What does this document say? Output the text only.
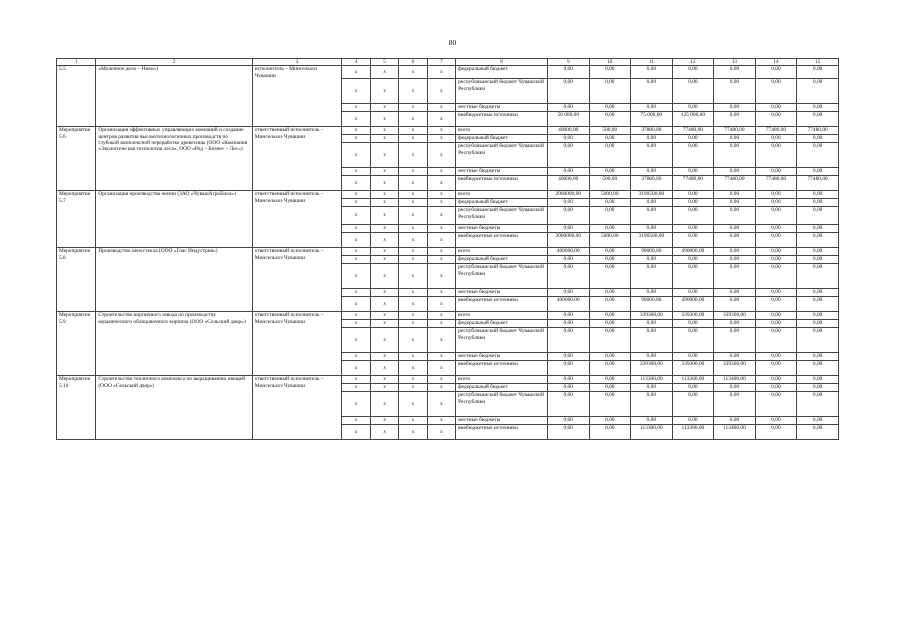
80
1	2	3	4	5	6	7	8	9	10	11	12	13	14	15
5.5	«Молочное дело – Нико»)	исполнитель – Минсельхоз Чувашии	x	x	x	x	федеральный бюджет	0,00	0,00	0,00	0,00	0,00	0,00	0,00
			x	x	x	x	республиканский бюджет Чувашской Республики	0,00	0,00	0,00	0,00	0,00	0,00	0,00
			x	x	x	x	местные бюджеты	0,00	0,00	0,00	0,00	0,00	0,00	0,00
			x	x	x	x	внебюджетные источники	50 000,00	0,00	75 000,00	125 000,00	0,00	0,00	0,00
Мероприятие 5.6	Организация эффективных управляющих компаний и создание центров развития высокотехнологичных производств по глубокой комплексной переработке древесины (ООО «Компания «Экологическая технология леса», ООО «Род – Бизнес – Лес»)	ответственный исполнитель – Минсельхоз Чувашии	x	x	x	x	всего	40000,00	500,00	37880,00	77480,00	77480,00	77480,00	77480,00
			x	x	x	x	федеральный бюджет	0,00	0,00	0,00	0,00	0,00	0,00	0,00
			x	x	x	x	республиканский бюджет Чувашской Республики	0,00	0,00	0,00	0,00	0,00	0,00	0,00
			x	x	x	x	местные бюджеты	0,00	0,00	0,00	0,00	0,00	0,00	0,00
			x	x	x	x	внебюджетные источники	40000,00	500,00	37880,00	77480,00	77480,00	77480,00	77480,00
Мероприятие 5.7	Организация производства жизни (ЗАО «ЧувашАгроБиол»)	ответственный исполнитель – Минсельхоз Чувашии	x	x	x	x	всего	2000000,00	5000,00	3190500,00	0,00	0,00	0,00	0,00
			x	x	x	x	федеральный бюджет	0,00	0,00	0,00	0,00	0,00	0,00	0,00
			x	x	x	x	республиканский бюджет Чувашской Республики	0,00	0,00	0,00	0,00	0,00	0,00	0,00
			x	x	x	x	местные бюджеты	0,00	0,00	0,00	0,00	0,00	0,00	0,00
			x	x	x	x	внебюджетные источники	2000000,00	5000,00	3190500,00	0,00	0,00	0,00	0,00
Мероприятие 5.8	Производство пеностекла (ООО «Глас Индустрия»)	ответственный исполнитель – Минсельхоз Чувашии	x	x	x	x	всего	400000,00	0,00	90000,00	490000,00	0,00	0,00	0,00
			x	x	x	x	федеральный бюджет	0,00	0,00	0,00	0,00	0,00	0,00	0,00
			x	x	x	x	республиканский бюджет Чувашской Республики	0,00	0,00	0,00	0,00	0,00	0,00	0,00
			x	x	x	x	местные бюджеты	0,00	0,00	0,00	0,00	0,00	0,00	0,00
			x	x	x	x	внебюджетные источники	400000,00	0,00	90000,00	490000,00	0,00	0,00	0,00
Мероприятие 5.9	Строительство кирпичного завода по производству керамического облицовочного кирпича (ООО «Сельский двор»)	ответственный исполнитель – Минсельхоз Чувашии	x	x	x	x	всего	0,00	0,00	339300,00	339300,00	339300,00	0,00	0,00
			x	x	x	x	федеральный бюджет	0,00	0,00	0,00	0,00	0,00	0,00	0,00
			x	x	x	x	республиканский бюджет Чувашской Республики	0,00	0,00	0,00	0,00	0,00	0,00	0,00
			x	x	x	x	местные бюджеты	0,00	0,00	0,00	0,00	0,00	0,00	0,00
			x	x	x	x	внебюджетные источники	0,00	0,00	339300,00	339300,00	339300,00	0,00	0,00
Мероприятие 5.10	Строительство тепличного комплекса по выращиванию овощей (ООО «Сельский двор»)	ответственный исполнитель – Минсельхоз Чувашии	x	x	x	x	всего	0,00	0,00	113300,00	113300,00	113400,00	0,00	0,00
			x	x	x	x	федеральный бюджет	0,00	0,00	0,00	0,00	0,00	0,00	0,00
			x	x	x	x	республиканский бюджет Чувашской Республики	0,00	0,00	0,00	0,00	0,00	0,00	0,00
			x	x	x	x	местные бюджеты	0,00	0,00	0,00	0,00	0,00	0,00	0,00
			x	x	x	x	внебюджетные источники	0,00	0,00	113300,00	113300,00	113400,00	0,00	0,00
